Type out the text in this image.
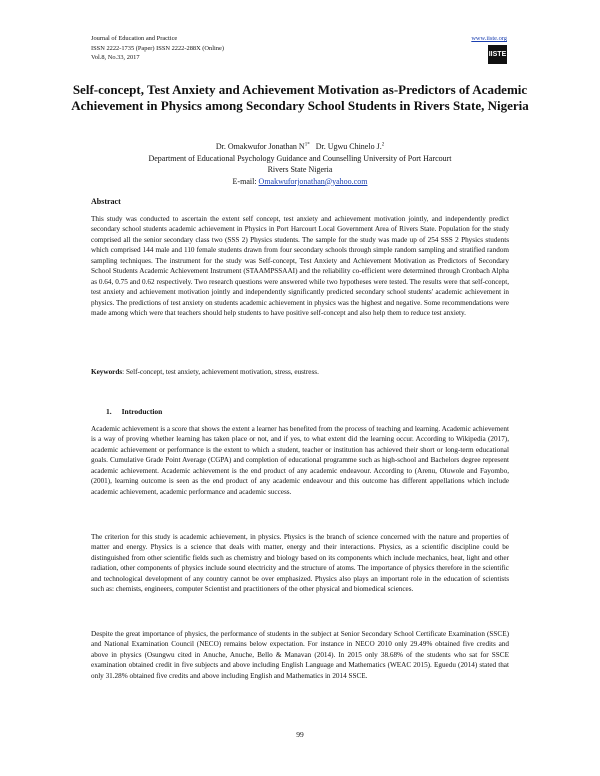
Journal of Education and Practice
ISSN 2222-1735 (Paper) ISSN 2222-288X (Online)
Vol.8, No.33, 2017
www.iiste.org
IISTE
Self-concept, Test Anxiety and Achievement Motivation as-Predictors of Academic Achievement in Physics among Secondary School Students in Rivers State, Nigeria
Dr. Omakwufor Jonathan $N^{1*}$ Dr. Ugwu Chinelo J.$^2$
Department of Educational Psychology Guidance and Counselling University of Port Harcourt
Rivers State Nigeria
E-mail: Omakwuforjonathan@yahoo.com
Abstract

This study was conducted to ascertain the extent self concept, test anxiety and achievement motivation jointly, and independently predict secondary school students academic achievement in Physics in Port Harcourt Local Government Area of Rivers State. Population for the study comprised all the senior secondary class two (SSS 2) Physics students. The sample for the study was made up of 254 SSS 2 Physics students which comprised 144 male and 110 female students drawn from four secondary schools through simple random sampling and stratified random sampling techniques. The instrument for the study was Self-concept, Test Anxiety and Achievement Motivation as Predictors of Secondary School Students Academic Achievement Instrument (STAAMPSSAAI) and the reliability co-efficient were determined through Cronbach Alpha as 0.64, 0.75 and 0.62 respectively. Two research questions were answered while two hypotheses were tested. The results were that self-concept, test anxiety and achievement motivation jointly and independently significantly predicted secondary school students' academic achievement in physics. The predictions of test anxiety on students academic achievement in physics was the highest and negative. Some recommendations were made among which were that teachers should help students to have positive self-concept and also help them to reduce test anxiety.

Keywords: Self-concept, test anxiety, achievement motivation, stress, eustress.

1. Introduction

Academic achievement is a score that shows the extent a learner has benefited from the process of teaching and learning. Academic achievement is a way of proving whether learning has taken place or not, and if yes, to what extent did the learning occur. According to Wikipedia (2017), academic achievement or performance is the extent to which a student, teacher or institution has achieved their short or long-term educational goals. Cumulative Grade Point Average (CGPA) and completion of educational programme such as high-school and Bachelors degree represent academic achievement. Academic achievement is the end product of any academic endeavour. According to (Arenu, Oluwole and Fayombo, (2001), learning outcome is seen as the end product of any academic endeavour and this outcome has different appellations which include academic achievement, academic performance and academic success.

The criterion for this study is academic achievement, in physics. Physics is the branch of science concerned with the nature and properties of matter and energy. Physics is a science that deals with matter, energy and their interactions. Physics, as a scientific discipline could be distinguished from other scientific fields such as chemistry and biology based on its components which include mechanics, heat, light and other radiation, other components of physics include sound electricity and the structure of atoms. The importance of physics therefore in the scientific and technological development of any country cannot be over emphasized. Physics also plays an important role in the education of scientists such as: chemists, engineers, computer Scientist and practitioners of the other physical and biomedical sciences.

Despite the great importance of physics, the performance of students in the subject at Senior Secondary School Certificate Examination (SSCE) and National Examination Council (NECO) remains below expectation. For instance in NECO 2010 only 29.49% obtained five credits and above in physics (Osungwu cited in Anuche, Anuche, Bello & Manavan (2014). In 2015 only 38.68% of the students who sat for SSCE examination obtained credit in five subjects and above including English Language and Mathematics (WEAC 2015). Eguedu (2014) stated that only 31.28% obtained five credits and above including English and Mathematics in 2014 SSCE.

99
